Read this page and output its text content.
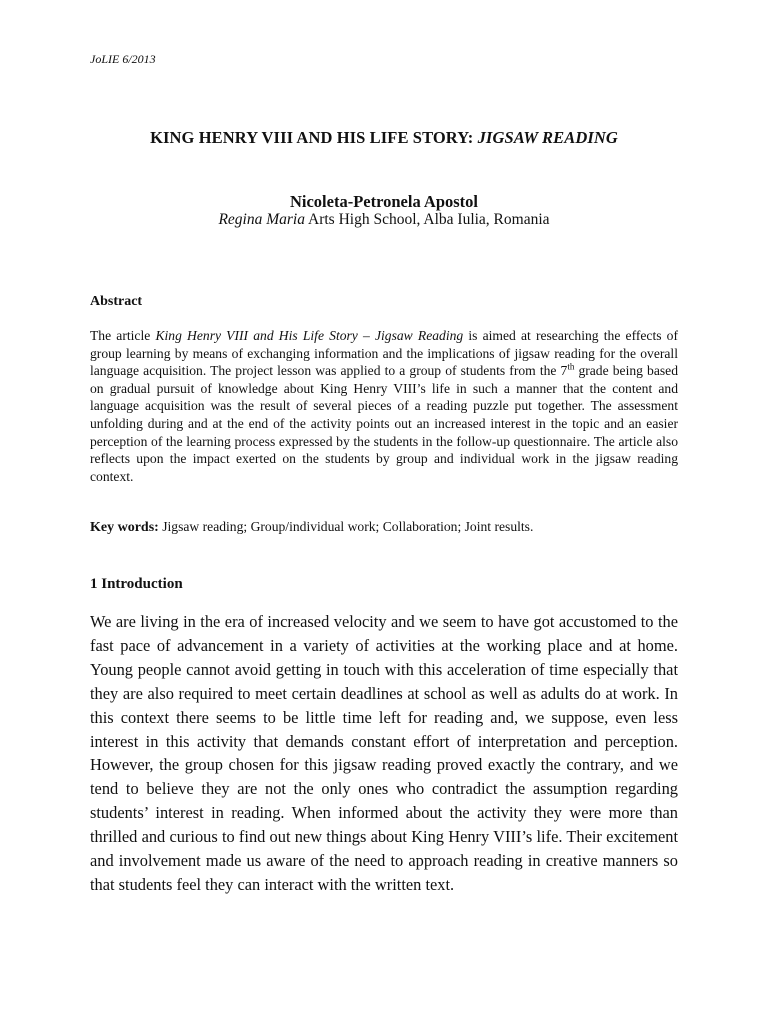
JoLIE 6/2013
KING HENRY VIII AND HIS LIFE STORY: JIGSAW READING
Nicoleta-Petronela Apostol
Regina Maria Arts High School, Alba Iulia, Romania
Abstract
The article King Henry VIII and His Life Story – Jigsaw Reading is aimed at researching the effects of group learning by means of exchanging information and the implications of jigsaw reading for the overall language acquisition. The project lesson was applied to a group of students from the 7th grade being based on gradual pursuit of knowledge about King Henry VIII’s life in such a manner that the content and language acquisition was the result of several pieces of a reading puzzle put together. The assessment unfolding during and at the end of the activity points out an increased interest in the topic and an easier perception of the learning process expressed by the students in the follow-up questionnaire. The article also reflects upon the impact exerted on the students by group and individual work in the jigsaw reading context.
Key words: Jigsaw reading; Group/individual work; Collaboration; Joint results.
1 Introduction
We are living in the era of increased velocity and we seem to have got accustomed to the fast pace of advancement in a variety of activities at the working place and at home. Young people cannot avoid getting in touch with this acceleration of time especially that they are also required to meet certain deadlines at school as well as adults do at work. In this context there seems to be little time left for reading and, we suppose, even less interest in this activity that demands constant effort of interpretation and perception. However, the group chosen for this jigsaw reading proved exactly the contrary, and we tend to believe they are not the only ones who contradict the assumption regarding students’ interest in reading. When informed about the activity they were more than thrilled and curious to find out new things about King Henry VIII’s life. Their excitement and involvement made us aware of the need to approach reading in creative manners so that students feel they can interact with the written text.
